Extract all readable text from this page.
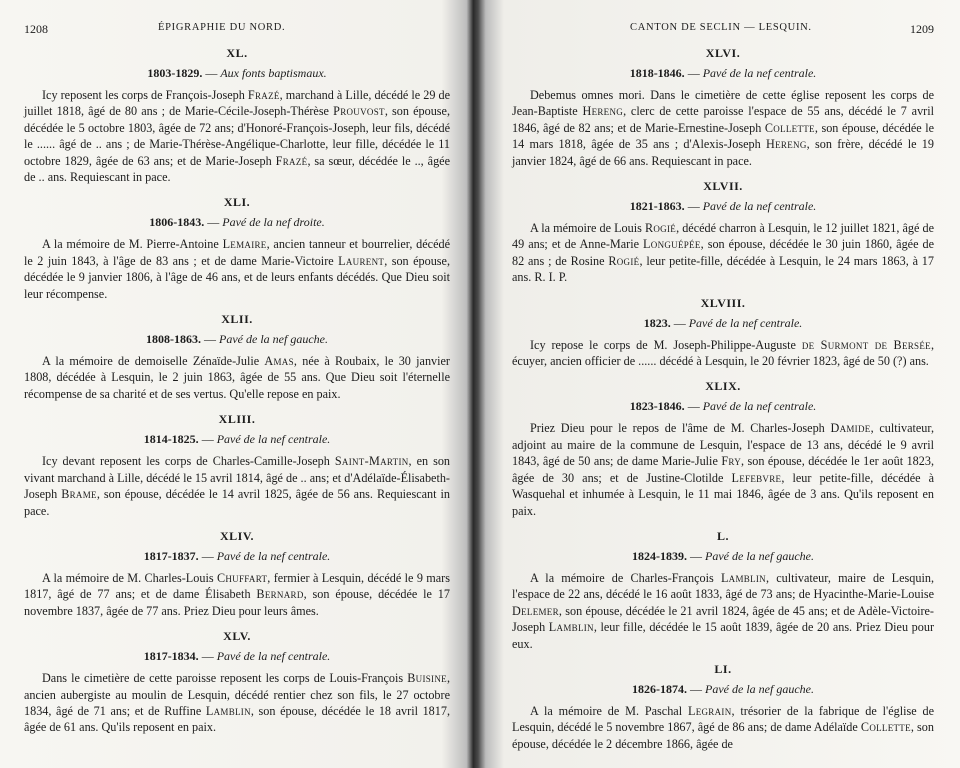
1208	ÉPIGRAPHIE DU NORD.
XL.
1803-1829. — Aux fonts baptismaux.
Icy reposent les corps de François-Joseph Frazé, marchand à Lille, décédé le 29 de juillet 1818, âgé de 80 ans ; de Marie-Cécile-Joseph-Thérèse Prouvost, son épouse, décédée le 5 octobre 1803, âgée de 72 ans; d'Honoré-François-Joseph, leur fils, décédé le ...... âgé de .. ans ; de Marie-Thérèse-Angélique-Charlotte, leur fille, décédée le 11 octobre 1829, âgée de 63 ans; et de Marie-Joseph Frazé, sa sœur, décédée le .., âgée de .. ans. Requiescant in pace.
XLI.
1806-1843. — Pavé de la nef droite.
A la mémoire de M. Pierre-Antoine Lemaire, ancien tanneur et bourrelier, décédé le 2 juin 1843, à l'âge de 83 ans ; et de dame Marie-Victoire Laurent, son épouse, décédée le 9 janvier 1806, à l'âge de 46 ans, et de leurs enfants décédés. Que Dieu soit leur récompense.
XLII.
1808-1863. — Pavé de la nef gauche.
A la mémoire de demoiselle Zénaïde-Julie Amas, née à Roubaix, le 30 janvier 1808, décédée à Lesquin, le 2 juin 1863, âgée de 55 ans. Que Dieu soit l'éternelle récompense de sa charité et de ses vertus. Qu'elle repose en paix.
XLIII.
1814-1825. — Pavé de la nef centrale.
Icy devant reposent les corps de Charles-Camille-Joseph Saint-Martin, en son vivant marchand à Lille, décédé le 15 avril 1814, âgé de .. ans; et d'Adélaïde-Élisabeth-Joseph Brame, son épouse, décédée le 14 avril 1825, âgée de 56 ans. Requiescant in pace.
XLIV.
1817-1837. — Pavé de la nef centrale.
A la mémoire de M. Charles-Louis Chuffart, fermier à Lesquin, décédé le 9 mars 1817, âgé de 77 ans; et de dame Élisabeth Bernard, son épouse, décédée le 17 novembre 1837, âgée de 77 ans. Priez Dieu pour leurs âmes.
XLV.
1817-1834. — Pavé de la nef centrale.
Dans le cimetière de cette paroisse reposent les corps de Louis-François Buisine, ancien aubergiste au moulin de Lesquin, décédé rentier chez son fils, le 27 octobre 1834, âgé de 71 ans; et de Ruffine Lamblin, son épouse, décédée le 18 avril 1817, âgée de 61 ans. Qu'ils reposent en paix.
CANTON DE SECLIN — LESQUIN.	1209
XLVI.
1818-1846. — Pavé de la nef centrale.
Debemus omnes mori. Dans le cimetière de cette église reposent les corps de Jean-Baptiste Hereng, clerc de cette paroisse l'espace de 55 ans, décédé le 7 avril 1846, âgé de 82 ans; et de Marie-Ernestine-Joseph Collette, son épouse, décédée le 14 mars 1818, âgée de 35 ans ; d'Alexis-Joseph Hereng, son frère, décédé le 19 janvier 1824, âgé de 66 ans. Requiescant in pace.
XLVII.
1821-1863. — Pavé de la nef centrale.
A la mémoire de Louis Rogié, décédé charron à Lesquin, le 12 juillet 1821, âgé de 49 ans; et de Anne-Marie Longuépée, son épouse, décédée le 30 juin 1860, âgée de 82 ans ; de Rosine Rogié, leur petite-fille, décédée à Lesquin, le 24 mars 1863, à 17 ans. R. I. P.
XLVIII.
1823. — Pavé de la nef centrale.
Icy repose le corps de M. Joseph-Philippe-Auguste de Surmont de Bersée, écuyer, ancien officier de ...... décédé à Lesquin, le 20 février 1823, âgé de 50 (?) ans.
XLIX.
1823-1846. — Pavé de la nef centrale.
Priez Dieu pour le repos de l'âme de M. Charles-Joseph Damide, cultivateur, adjoint au maire de la commune de Lesquin, l'espace de 13 ans, décédé le 9 avril 1843, âgé de 50 ans; de dame Marie-Julie Fry, son épouse, décédée le 1er août 1823, âgée de 30 ans; et de Justine-Clotilde Lefebvre, leur petite-fille, décédée à Wasquehal et inhumée à Lesquin, le 11 mai 1846, âgée de 3 ans. Qu'ils reposent en paix.
L.
1824-1839. — Pavé de la nef gauche.
A la mémoire de Charles-François Lamblin, cultivateur, maire de Lesquin, l'espace de 22 ans, décédé le 16 août 1833, âgé de 73 ans; de Hyacinthe-Marie-Louise Delemer, son épouse, décédée le 21 avril 1824, âgée de 45 ans; et de Adèle-Victoire-Joseph Lamblin, leur fille, décédée le 15 août 1839, âgée de 20 ans. Priez Dieu pour eux.
LI.
1826-1874. — Pavé de la nef gauche.
A la mémoire de M. Paschal Legrain, trésorier de la fabrique de l'église de Lesquin, décédé le 5 novembre 1867, âgé de 86 ans; de dame Adélaïde Collette, son épouse, décédée le 2 décembre 1866, âgée de
